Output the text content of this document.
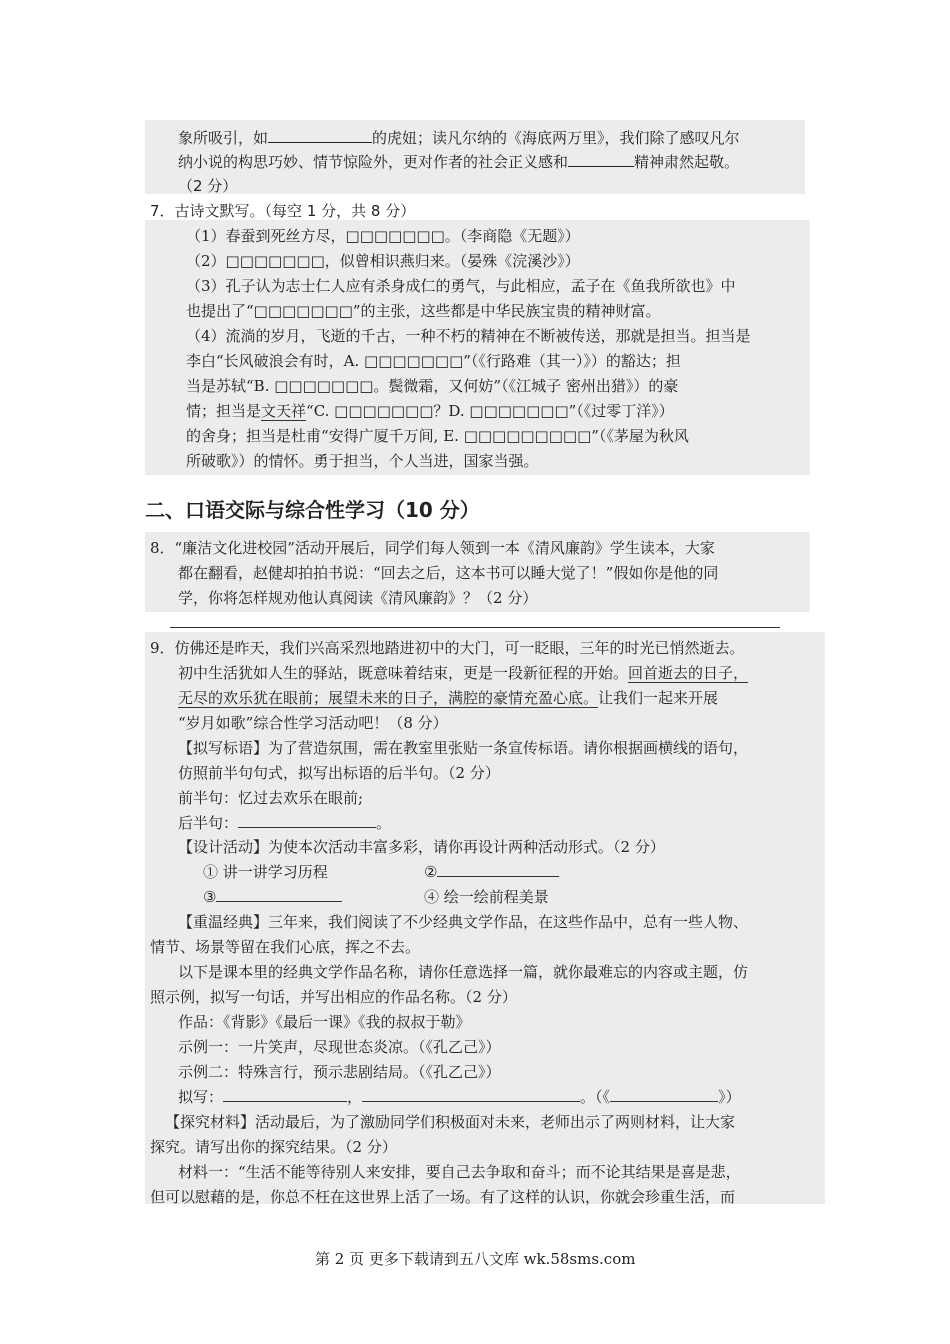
象所吸引，如	的虎妞；读凡尔纳的《海底两万里》，我们除了感叹凡尔
纳小说的构思巧妙、情节惊险外，更对作者的社会正义感和	精神肃然起敬。
（2 分）
7．古诗文默写。（每空 1 分，共 8 分）
（1）春蚕到死丝方尽，□□□□□□□。（李商隐《无题》）
（2）□□□□□□□，似曾相识燕归来。（晏殊《浣溪沙》）
（3）孔子认为志士仁人应有杀身成仁的勇气，与此相应，孟子在《鱼我所欲也》中
也提出了“□□□□□□□”的主张，这些都是中华民族宝贵的精神财富。
（4）流淌的岁月，飞逝的千古，一种不朽的精神在不断被传送，那就是担当。担当是
李白“长风破浪会有时，A. □□□□□□□”（《行路难（其一）》）的豁达；担
当是苏轼“B. □□□□□□□。鬓微霜，又何妨”（《江城子 密州出猎》）的豪
情；担当是文天祥“C. □□□□□□□？D. □□□□□□□”（《过零丁洋》）
的舍身；担当是杜甫“安得广厦千万间, E. □□□□□□□□□”（《茅屋为秋风
所破歌》）的情怀。勇于担当，个人当进，国家当强。
二、口语交际与综合性学习（10 分）
8．“廉洁文化进校园”活动开展后，同学们每人领到一本《清风廉韵》学生读本，大家
都在翻看，赵健却拍拍书说：“回去之后，这本书可以睡大觉了！”假如你是他的同
学，你将怎样规劝他认真阅读《清风廉韵》？（2 分）
9．仿佛还是昨天，我们兴高采烈地踏进初中的大门，可一眨眼，三年的时光已悄然逝去。
初中生活犹如人生的驿站，既意味着结束，更是一段新征程的开始。回首逝去的日子，
无尽的欢乐犹在眼前；展望未来的日子，满腔的豪情充盈心底。让我们一起来开展
“岁月如歌”综合性学习活动吧！（8 分）
【拟写标语】为了营造氛围，需在教室里张贴一条宣传标语。请你根据画横线的语句，
仿照前半句句式，拟写出标语的后半句。（2 分）
前半句：忆过去欢乐在眼前;
后半句：	。
【设计活动】为使本次活动丰富多彩，请你再设计两种活动形式。（2 分）
① 讲一讲学习历程	②
③	④ 绘一绘前程美景
【重温经典】三年来，我们阅读了不少经典文学作品，在这些作品中，总有一些人物、
情节、场景等留在我们心底，挥之不去。
以下是课本里的经典文学作品名称，请你任意选择一篇，就你最难忘的内容或主题，仿
照示例，拟写一句话，并写出相应的作品名称。（2 分）
作品：《背影》《最后一课》《我的叔叔于勒》
示例一：一片笑声，尽现世态炎凉。（《孔乙己》）
示例二：特殊言行，预示悲剧结局。（《孔乙己》）
拟写：	，	。（《	》）
【探究材料】活动最后，为了激励同学们积极面对未来，老师出示了两则材料，让大家
探究。请写出你的探究结果。（2 分）
材料一：“生活不能等待别人来安排，要自己去争取和奋斗；而不论其结果是喜是悲，
但可以慰藉的是，你总不枉在这世界上活了一场。有了这样的认识，你就会珍重生活，而
第 2 页 更多下载请到五八文库 wk.58sms.com
